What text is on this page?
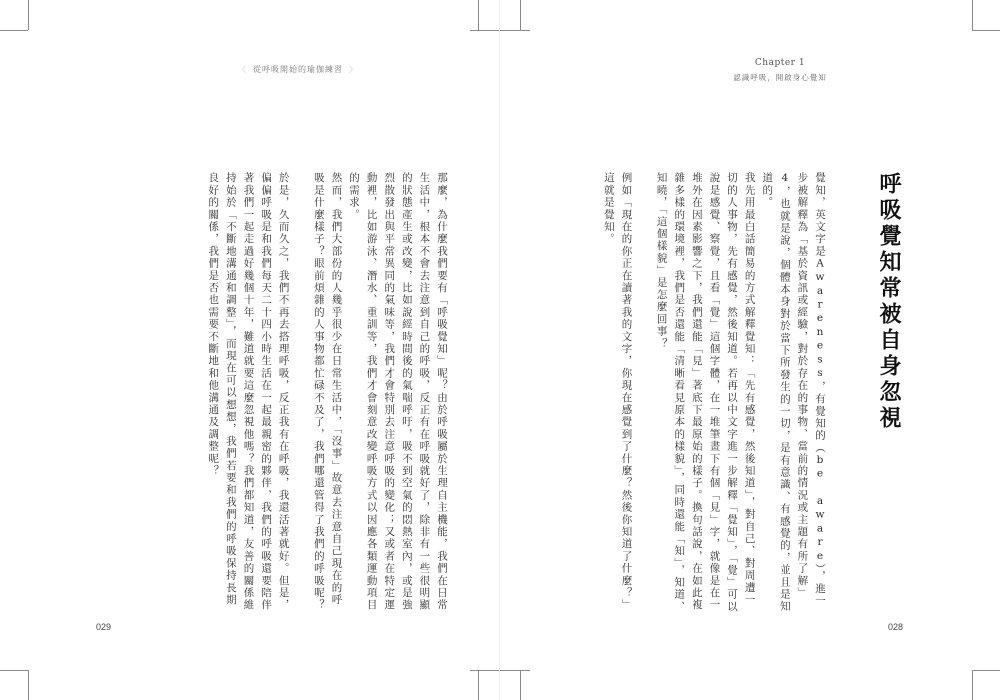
〈 從呼吸開始的瑜伽練習 〉
Chapter 1
認識呼吸，開啟身心覺知
呼吸覺知常被自身忽視

覺知，英文字是Awareness，有覺知的（be aware），進一步被解釋為「基於資訊或經驗，對於存在的事物、當前的情況或主題有所了解」4，也就是說，個體本身對於當下所發生的一切，是有意識、有感覺的，並且是知道的。

我先用最白話簡易的方式解釋覺知：「先有感覺，然後知道」，對自己、對周遭一切的人事物，先有感覺，然後知道。若再以中文字進一步解釋「覺知」，「覺」可以說是感覺、察覺，且看「覺」這個字體，在一堆筆畫下有個「見」字，就像是在一堆外在因素影響之下，我們還能「見」著底下最原始的樣子。換句話說，在如此複雜多樣的環境裡，我們是否還能「清晰看見原本的樣貌」，同時還能「知」，知道、知曉，「這個樣貌」是怎麼回事？

例如「現在的你正在讀著我的文字，你現在感覺到了什麼？然後你知道了什麼？」這就是覺知。

那麼，為什麼我們要有「呼吸覺知」呢？由於呼吸屬於生理自主機能，我們在日常生活中，根本不會去注意到自己的呼吸，反正有在呼吸就好了，除非有一些很明顯的狀態產生或改變，比如說經時間後的氣喘呼吁，吸不到空氣的悶熱室內，或是強烈散發出與平常異同的氣味等，我們才會特別去注意呼吸的變化；又或者在特定運動裡，比如游泳、潛水、重訓等，我們才會刻意改變呼吸方式以因應各類運動項目的需求。

然而，我們大部份的人幾乎很少在日常生活中，「沒事」故意去注意自己現在的呼吸是什麼樣子？眼前煩雜的人事物都忙碌不及了，我們哪還管得了我們的呼吸呢？

於是，久而久之，我們不再去搭理呼吸，反正我有在呼吸，我還活著就好。但是，偏偏呼吸是和我們每天二十四小時生活在一起最親密的夥伴，我們的呼吸還要陪伴著我們一起走過好幾個十年，難道就要這麼忽視他嗎？我們都知道，友善的關係維持始於「不斷地溝通和調整」，而現在可以想想，我們若要和我們的呼吸保持長期良好的關係，我們是否也需要不斷地和他溝通及調整呢？

029	028
